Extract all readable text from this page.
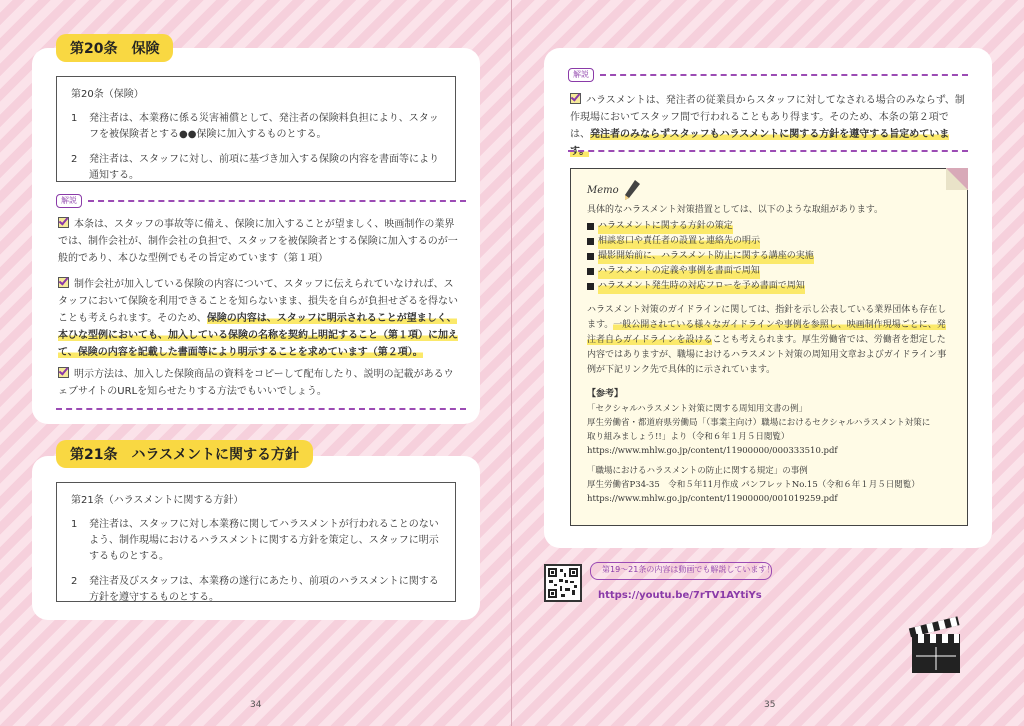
第20条　保険
第20条（保険）
1	発注者は、本業務に係る災害補償として、発注者の保険料負担により、スタッフを被保険者とする●●保険に加入するものとする。
2	発注者は、スタッフに対し、前項に基づき加入する保険の内容を書面等により通知する。
解説
本条は、スタッフの事故等に備え、保険に加入することが望ましく、映画制作の業界では、制作会社が、制作会社の負担で、スタッフを被保険者とする保険に加入するのが一般的であり、本ひな型例でもその旨定めています（第１項）
制作会社が加入している保険の内容について、スタッフに伝えられていなければ、スタッフにおいて保険を利用できることを知らないまま、損失を自らが負担せざるを得ないことも考えられます。そのため、保険の内容は、スタッフに明示されることが望ましく、本ひな型例においても、加入している保険の名称を契約上明記すること（第１項）に加えて、保険の内容を記載した書面等により明示することを求めています（第２項）。
明示方法は、加入した保険商品の資料をコピーして配布したり、説明の記載があるウェブサイトのURLを知らせたりする方法でもいいでしょう。
第21条　ハラスメントに関する方針
第21条（ハラスメントに関する方針）
1	発注者は、スタッフに対し本業務に関してハラスメントが行われることのないよう、制作現場におけるハラスメントに関する方針を策定し、スタッフに明示するものとする。
2	発注者及びスタッフは、本業務の遂行にあたり、前項のハラスメントに関する方針を遵守するものとする。
34
解説
ハラスメントは、発注者の従業員からスタッフに対してなされる場合のみならず、制作現場においてスタッフ間で行われることもあり得ます。そのため、本条の第２項では、発注者のみならずスタッフもハラスメントに関する方針を遵守する旨定めています。
Memo
具体的なハラスメント対策措置としては、以下のような取組があります。
ハラスメントに関する方針の策定
相談窓口や責任者の設置と連絡先の明示
撮影開始前に、ハラスメント防止に関する講座の実施
ハラスメントの定義や事例を書面で周知
ハラスメント発生時の対応フローを予め書面で周知
ハラスメント対策のガイドラインに関しては、指針を示し公表している業界団体も存在します。一般公開されている様々なガイドラインや事例を参照し、映画制作現場ごとに、発注者自らガイドラインを設けることも考えられます。厚生労働省では、労働者を想定した内容ではありますが、職場におけるハラスメント対策の周知用文章およびガイドライン事例が下記リンク先で具体的に示されています。
【参考】
「セクシャルハラスメント対策に関する周知用文書の例」
厚生労働省・都道府県労働局「（事業主向け）職場におけるセクシャルハラスメント対策に
取り組みましょう!!」より（令和６年１月５日閲覧）
https://www.mhlw.go.jp/content/11900000/000333510.pdf
「職場におけるハラスメントの防止に関する規定」の事例
厚生労働省P34-35　令和５年11月作成 パンフレットNo.15（令和６年１月５日閲覧）
https://www.mhlw.go.jp/content/11900000/001019259.pdf
第19〜21条の内容は動画でも解説しています！
https://youtu.be/7rTV1AYtiYs
35
